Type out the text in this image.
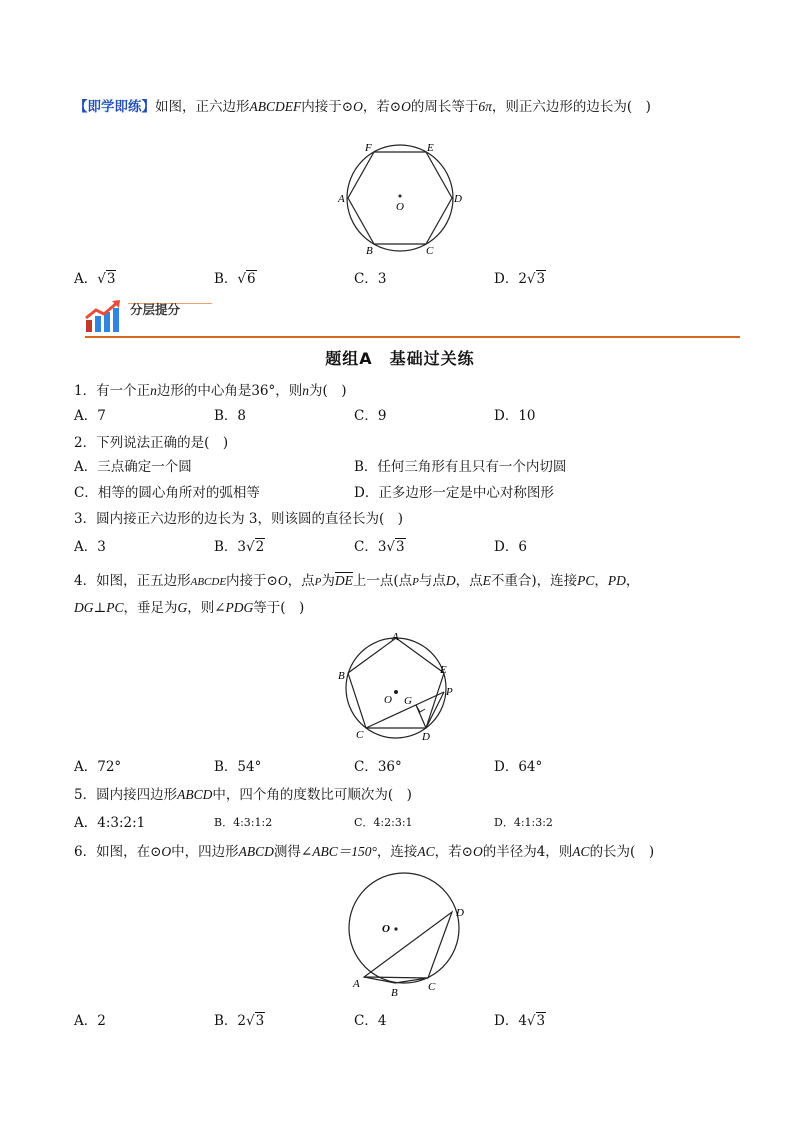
【即学即练】如图，正六边形ABCDEF内接于⊙O，若⊙O的周长等于6π，则正六边形的边长为(　)
F	E
A	D
B	C
O
A．√3	B．√6	C．3	D．2√3
分层提分
题组A　基础过关练
1．有一个正n边形的中心角是36°，则n为(　)
A．7	B．8	C．9	D．10
2．下列说法正确的是(　)
A．三点确定一个圆	B．任何三角形有且只有一个内切圆
C．相等的圆心角所对的弧相等	D．正多边形一定是中心对称图形
3．圆内接正六边形的边长为 3，则该圆的直径长为(　)
A．3	B．3√2	C．3√3	D．6
4．如图，正五边形ABCDE内接于⊙O，点P为DE上一点(点P与点D，点E不重合)，连接PC，PD，
DG⊥PC，垂足为G，则∠PDG等于(　)
A
B	E
P
C	D
O G
A．72°	B．54°	C．36°	D．64°
5．圆内接四边形ABCD中，四个角的度数比可顺次为(　)
A．4:3:2:1	B．4:3:1:2	C．4:2:3:1	D．4:1:3:2
6．如图，在⊙O中，四边形ABCD测得∠ABC＝150°，连接AC，若⊙O的半径为4，则AC的长为(　)
O
D
A
B	C
A．2	B．2√3	C．4	D．4√3
